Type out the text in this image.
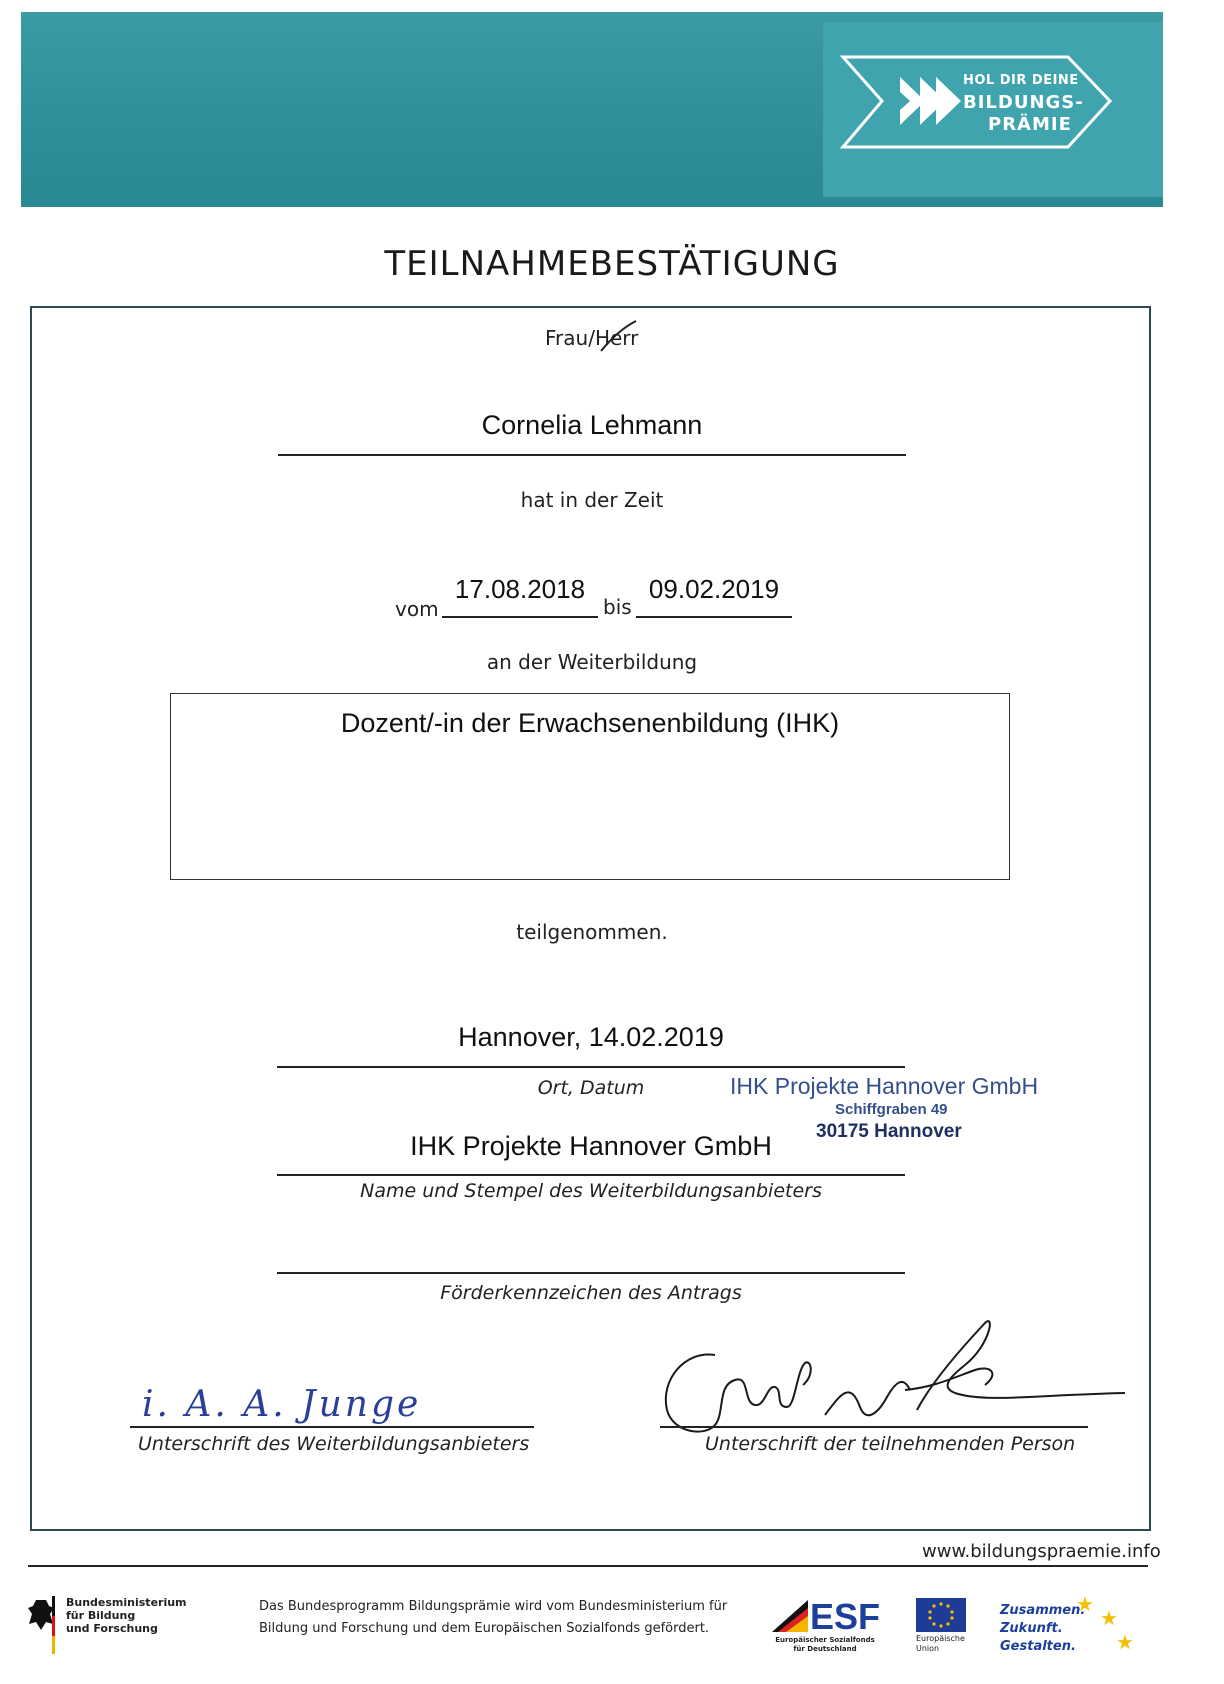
HOL DIR DEINE
BILDUNGS-
PRÄMIE
TEILNAHMEBESTÄTIGUNG
Frau/Herr
Cornelia Lehmann
hat in der Zeit
vom
17.08.2018
bis
09.02.2019
an der Weiterbildung
Dozent/-in der Erwachsenenbildung (IHK)
teilgenommen.
Hannover, 14.02.2019
Ort, Datum	IHK Projekte Hannover GmbH
Schiffgraben 49
30175 Hannover
IHK Projekte Hannover GmbH
Name und Stempel des Weiterbildungsanbieters
Förderkennzeichen des Antrags
i. A. A. Junge
Unterschrift des Weiterbildungsanbieters	Unterschrift der teilnehmenden Person
www.bildungspraemie.info
Bundesministerium
für Bildung
und Forschung
Das Bundesprogramm Bildungsprämie wird vom Bundesministerium für
Bildung und Forschung und dem Europäischen Sozialfonds gefördert.	ESF
Europäischer Sozialfonds
für Deutschland
Europäische
Union
Zusammen.
Zukunft.
Gestalten.
★
★
★
